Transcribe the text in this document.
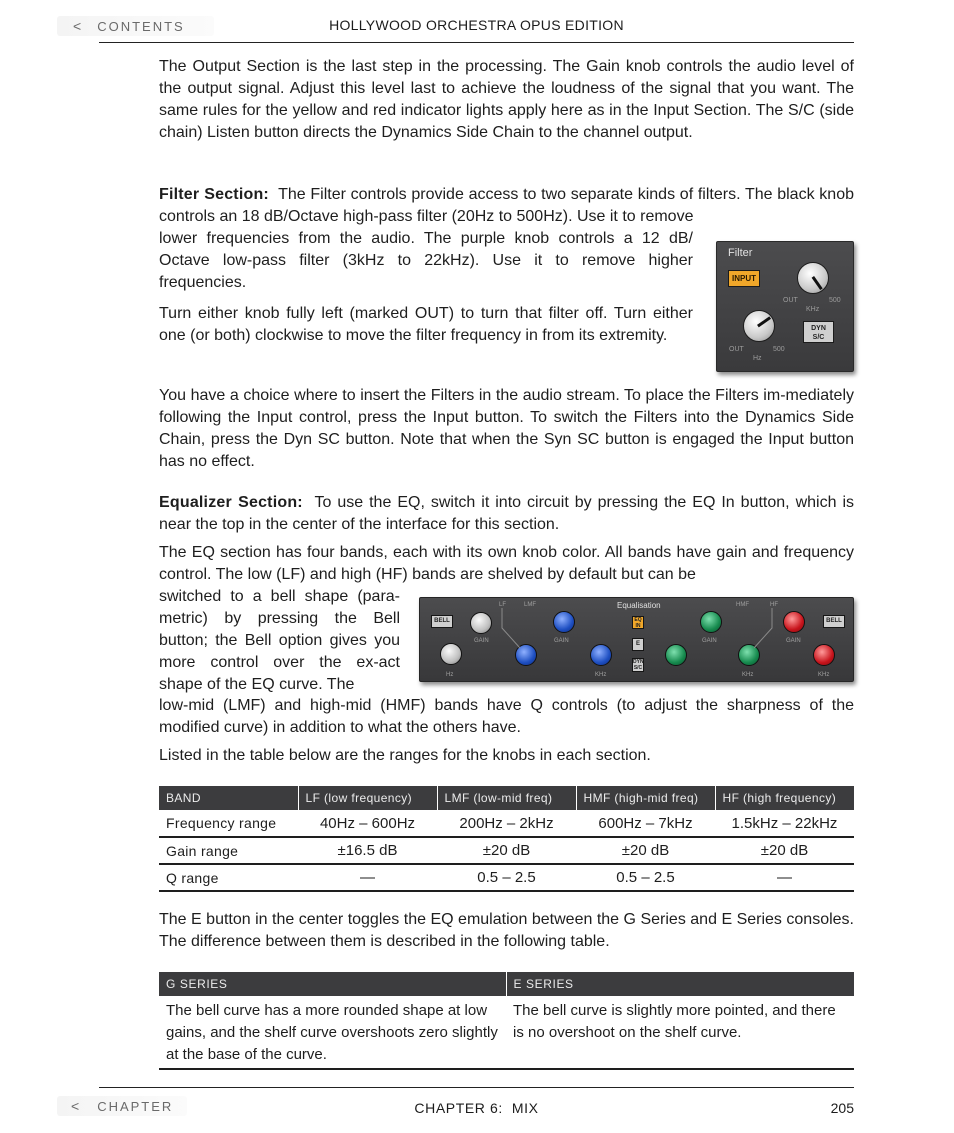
< CONTENTS	HOLLYWOOD ORCHESTRA OPUS EDITION

The Output Section is the last step in the processing. The Gain knob controls the audio level of the output signal. Adjust this level last to achieve the loudness of the signal that you want. The same rules for the yellow and red indicator lights apply here as in the Input Section. The S/C (side chain) Listen button directs the Dynamics Side Chain to the channel output.

Filter Section: The Filter controls provide access to two separate kinds of filters. The black knob controls an 18 dB/Octave high-pass filter (20Hz to 500Hz). Use it to remove

lower frequencies from the audio. The purple knob controls a 12 dB/ Octave low-pass filter (3kHz to 22kHz). Use it to remove higher frequencies.

Turn either knob fully left (marked OUT) to turn that filter off. Turn either one (or both) clockwise to move the filter frequency in from its extremity.

Filter
INPUT
OUT	500
KHz
DYN
S/C
OUT	500
Hz

You have a choice where to insert the Filters in the audio stream. To place the Filters im-mediately following the Input control, press the Input button. To switch the Filters into the Dynamics Side Chain, press the Dyn SC button. Note that when the Syn SC button is engaged the Input button has no effect.

Equalizer Section: To use the EQ, switch it into circuit by pressing the EQ In button, which is near the top in the center of the interface for this section.

The EQ section has four bands, each with its own knob color. All bands have gain and frequency control. The low (LF) and high (HF) bands are shelved by default but can be

switched to a bell shape (para-metric) by pressing the Bell button; the Bell option gives you more control over the ex-act shape of the EQ curve. The

Equalisation
LF	LMF	HMF	HF
BELL	BELL
EQ IN
E
DYN S/C
GAIN	GAIN	GAIN	GAIN
Hz	KHz	KHz	KHz

low-mid (LMF) and high-mid (HMF) bands have Q controls (to adjust the sharpness of the modified curve) in addition to what the others have.

Listed in the table below are the ranges for the knobs in each section.

BAND	LF (low frequency)	LMF (low-mid freq)	HMF (high-mid freq)	HF (high frequency)
Frequency range	40Hz – 600Hz	200Hz – 2kHz	600Hz – 7kHz	1.5kHz – 22kHz
Gain range	±16.5 dB	±20 dB	±20 dB	±20 dB
Q range	—	0.5 – 2.5	0.5 – 2.5	—

The E button in the center toggles the EQ emulation between the G Series and E Series consoles. The difference between them is described in the following table.

G SERIES	E SERIES
The bell curve has a more rounded shape at low gains, and the shelf curve overshoots zero slightly at the base of the curve.	The bell curve is slightly more pointed, and there is no overshoot on the shelf curve.
< CHAPTER	CHAPTER 6:  MIX	205
